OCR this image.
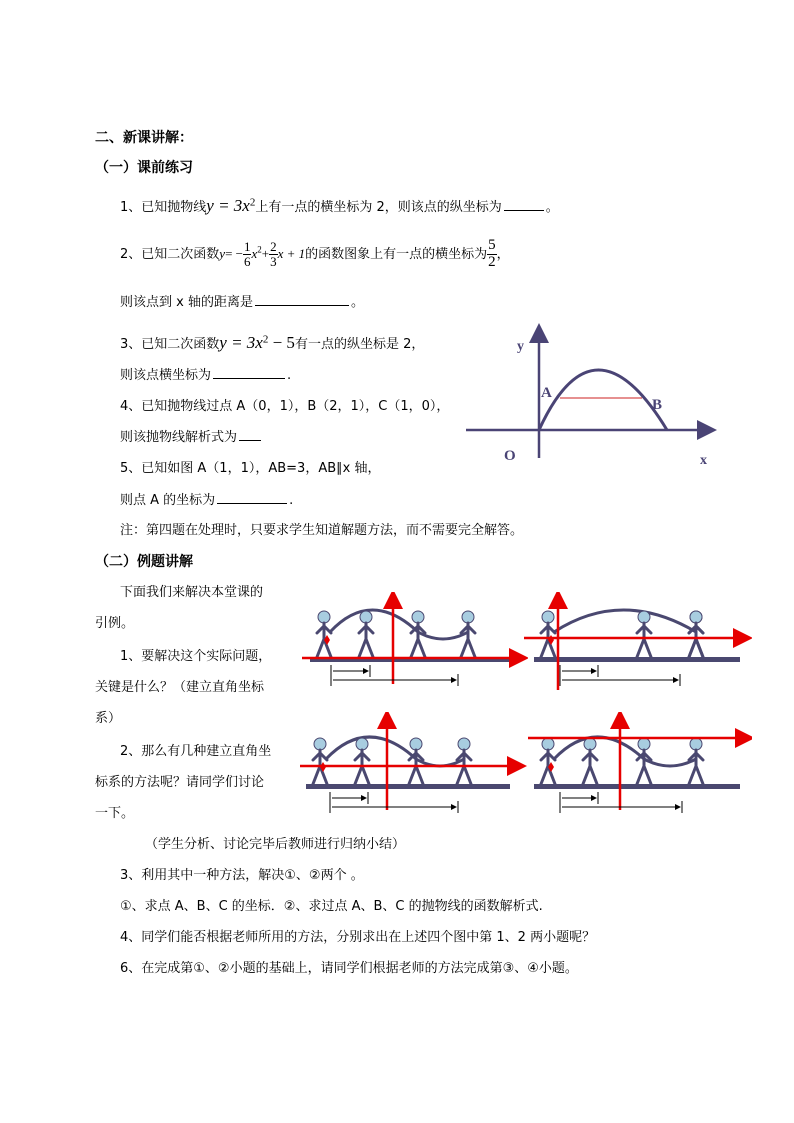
二、新课讲解：
（一）课前练习
1、已知抛物线$y = 3x^2$上有一点的横坐标为 2，则该点的纵坐标为	。
2、已知二次函数$y= - \frac{1}{6} x^2+ \frac{2}{3}$ x + 1的函数图象上有一点的横坐标为 $\frac{5}{2}$ ，
则该点到 x 轴的距离是	。
3、已知二次函数$y = 3x^2 - 5$有一点的纵坐标是 2，
则该点横坐标为	.
4、已知抛物线过点 A（0，1），B（2，1），C（1，0），
则该抛物线解析式为
5、已知如图 A（1，1），AB=3，AB∥x 轴，
则点 A 的坐标为	.
注：第四题在处理时，只要求学生知道解题方法，而不需要完全解答。
y
x
O
A
B
（二）例题讲解
下面我们来解决本堂课的
引例。
1、要解决这个实际问题，
关键是什么？（建立直角坐标
系）
2、那么有几种建立直角坐
标系的方法呢？请同学们讨论
一下。
（学生分析、讨论完毕后教师进行归纳小结）
3、利用其中一种方法，解决①、②两个 。
①、求点 A、B、C 的坐标．②、求过点 A、B、C 的抛物线的函数解析式.
4、同学们能否根据老师所用的方法，分别求出在上述四个图中第 1、2 两小题呢？
6、在完成第①、②小题的基础上，请同学们根据老师的方法完成第③、④小题。
